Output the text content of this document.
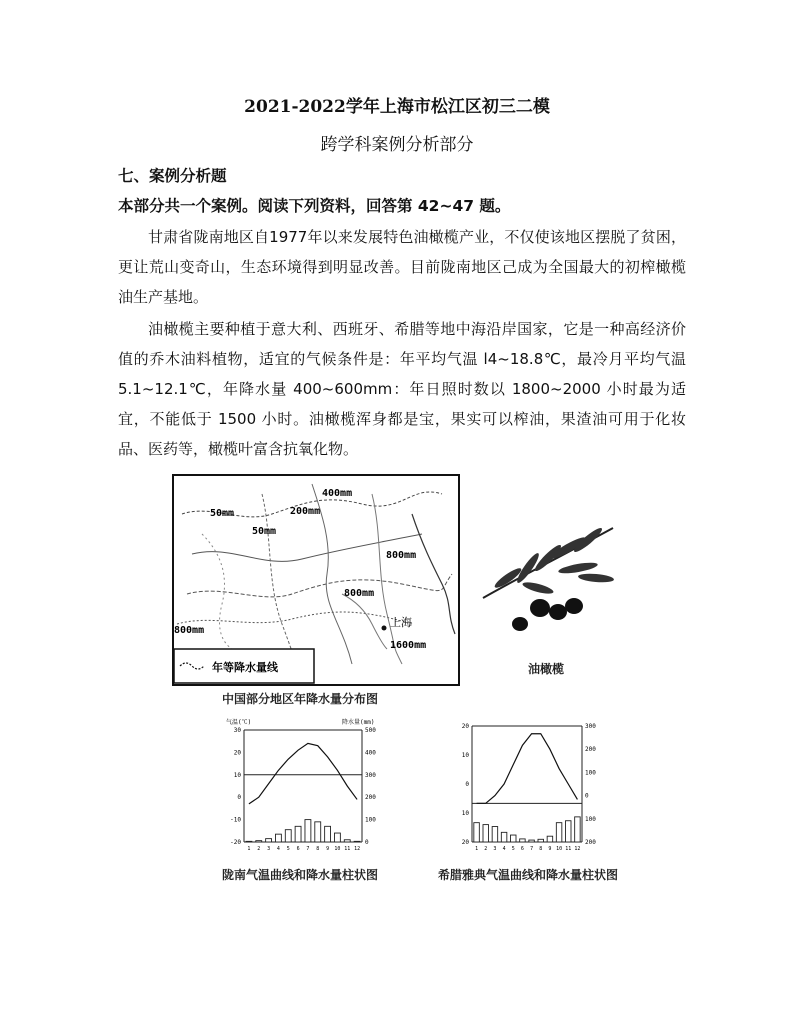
2021-2022学年上海市松江区初三二模
跨学科案例分析部分
七、案例分析题
本部分共一个案例。阅读下列资料，回答第 42~47 题。
甘肃省陇南地区自1977年以来发展特色油橄榄产业，不仅使该地区摆脱了贫困，更让荒山变奇山，生态环境得到明显改善。目前陇南地区己成为全国最大的初榨橄榄油生产基地。
油橄榄主要种植于意大利、西班牙、希腊等地中海沿岸国家，它是一种高经济价值的乔木油料植物，适宜的气候条件是：年平均气温 l4~18.8℃，最冷月平均气温 5.1~12.1℃，年降水量 400~600mm：年日照时数以 1800~2000 小时最为适宜，不能低于 1500 小时。油橄榄浑身都是宝，果实可以榨油，果渣油可用于化妆品、医药等，橄榄叶富含抗氧化物。
400mm
200mm
50mm
50mm
800mm
800mm
800mm
1600mm
上海
年等降水量线
中国部分地区年降水量分布图
油橄榄
气温(℃)	降水量(mm)
30
20
10
0
-10
-20
500
400
300
200
100
0
1 2 3 4 5 6 7 8 9 10 11 12
陇南气温曲线和降水量柱状图
20
10
0
10
20
300
200
100
0
100
200
1 2 3 4 5 6 7 8 9 10 11 12
希腊雅典气温曲线和降水量柱状图
